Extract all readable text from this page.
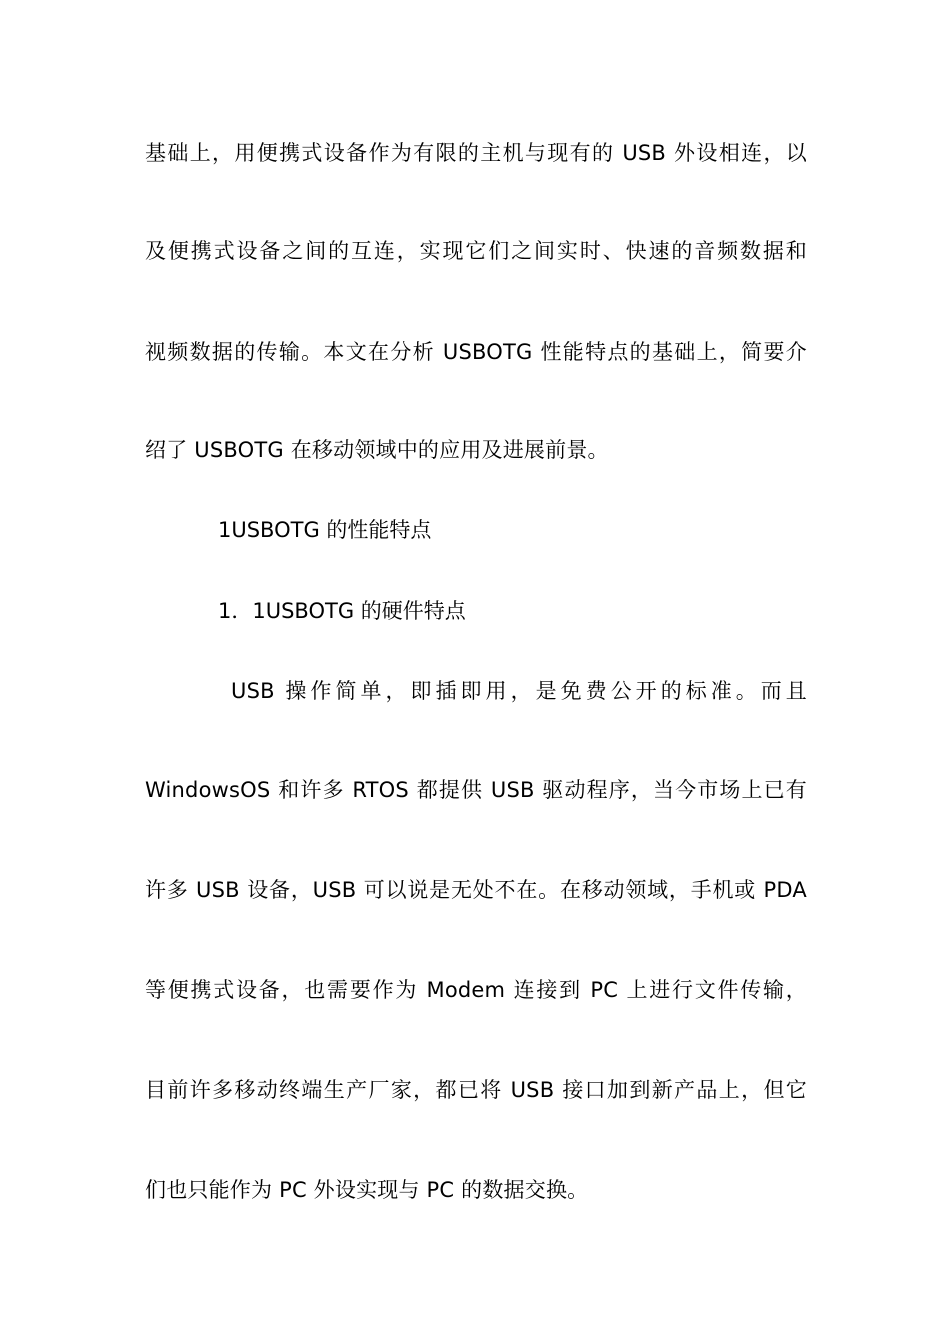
基础上，用便携式设备作为有限的主机与现有的 USB 外设相连，以
及便携式设备之间的互连，实现它们之间实时、快速的音频数据和
视频数据的传输。本文在分析 USBOTG 性能特点的基础上，简要介
绍了 USBOTG 在移动领域中的应用及进展前景。
1USBOTG 的性能特点
1．1USBOTG 的硬件特点
USB 操作简单，即插即用，是免费公开的标准。而且
WindowsOS 和许多 RTOS 都提供 USB 驱动程序，当今市场上已有
许多 USB 设备，USB 可以说是无处不在。在移动领域，手机或 PDA
等便携式设备，也需要作为 Modem 连接到 PC 上进行文件传输，
目前许多移动终端生产厂家，都已将 USB 接口加到新产品上，但它
们也只能作为 PC 外设实现与 PC 的数据交换。
